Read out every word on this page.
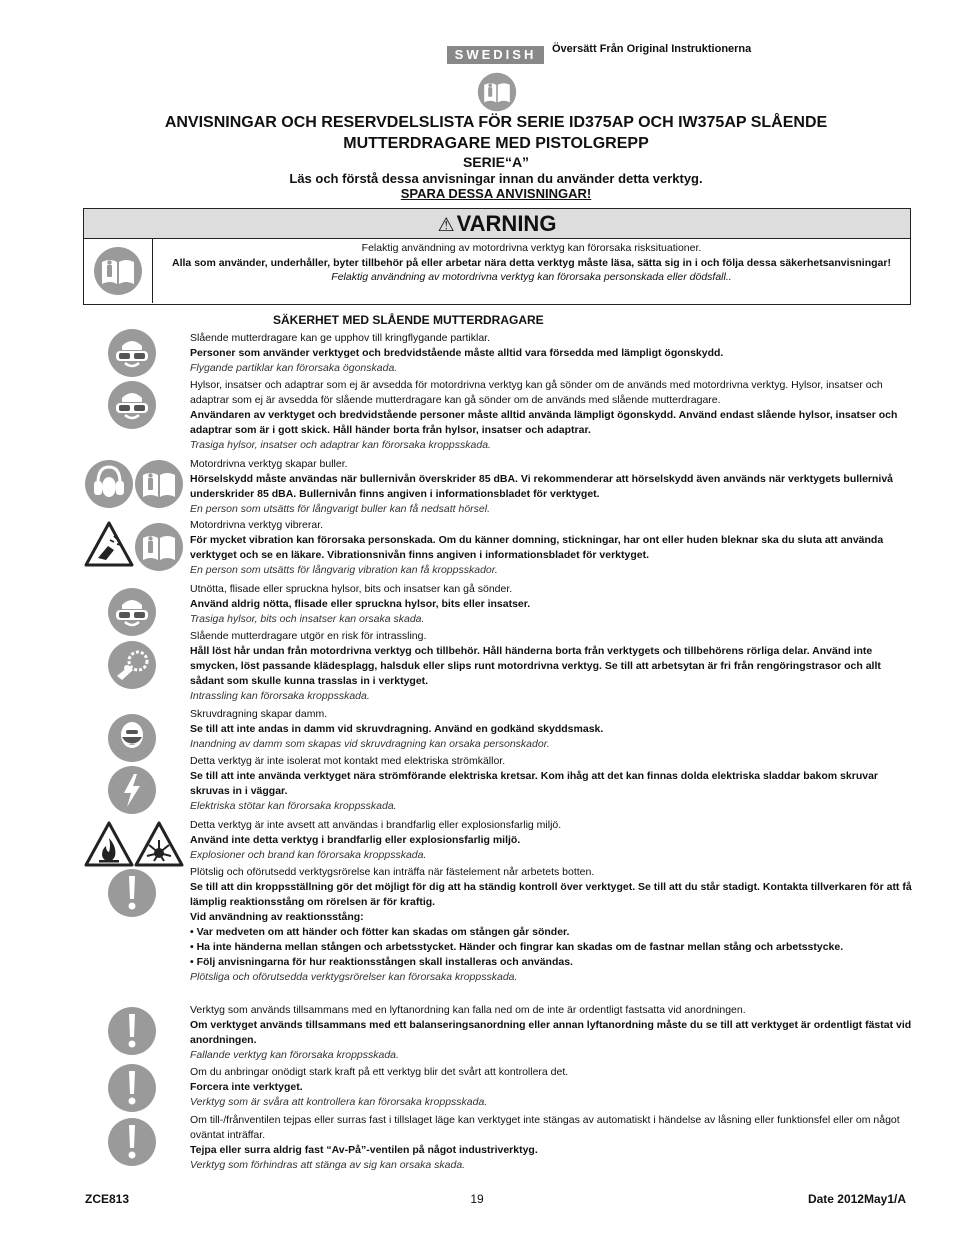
SWEDISH	Översätt Från Original Instruktionerna
ANVISNINGAR OCH RESERVDELSLISTA FÖR SERIE ID375AP OCH IW375AP SLÅENDE
MUTTERDRAGARE MED PISTOLGREPP
SERIE“A”
Läs och förstå dessa anvisningar innan du använder detta verktyg.
SPARA DESSA ANVISNINGAR!
⚠VARNING
Felaktig användning av motordrivna verktyg kan förorsaka risksituationer.
Alla som använder, underhåller, byter tillbehör på eller arbetar nära detta verktyg måste läsa, sätta sig in i och följa dessa säkerhetsanvisningar!
Felaktig användning av motordrivna verktyg kan förorsaka personskada eller dödsfall..
SÄKERHET MED SLÅENDE MUTTERDRAGARE
Slående mutterdragare kan ge upphov till kringflygande partiklar.
Personer som använder verktyget och bredvidstående måste alltid vara försedda med lämpligt ögonskydd.
Flygande partiklar kan förorsaka ögonskada.
Hylsor, insatser och adaptrar som ej är avsedda för motordrivna verktyg kan gå sönder om de används med motordrivna verktyg. Hylsor, insatser och adaptrar som ej är avsedda för slående mutterdragare kan gå sönder om de används med slående mutterdragare.
Användaren av verktyget och bredvidstående personer måste alltid använda lämpligt ögonskydd. Använd endast slående hylsor, insatser och adaptrar som är i gott skick. Håll händer borta från hylsor, insatser och adaptrar.
Trasiga hylsor, insatser och adaptrar kan förorsaka kroppsskada.
Motordrivna verktyg skapar buller.
Hörselskydd måste användas när bullernivån överskrider 85 dBA. Vi rekommenderar att hörselskydd även används när verktygets bullernivå underskrider 85 dBA. Bullernivån finns angiven i informationsbladet för verktyget.
En person som utsätts för långvarigt buller kan få nedsatt hörsel.
Motordrivna verktyg vibrerar.
För mycket vibration kan förorsaka personskada. Om du känner domning, stickningar, har ont eller huden bleknar ska du sluta att använda verktyget och se en läkare. Vibrationsnivån finns angiven i informationsbladet för verktyget.
En person som utsätts för långvarig vibration kan få kroppsskador.
Utnötta, flisade eller spruckna hylsor, bits och insatser kan gå sönder.
Använd aldrig nötta, flisade eller spruckna hylsor, bits eller insatser.
Trasiga hylsor, bits och insatser kan orsaka skada.
Slående mutterdragare utgör en risk för intrassling.
Håll löst hår undan från motordrivna verktyg och tillbehör. Håll händerna borta från verktygets och tillbehörens rörliga delar. Använd inte smycken, löst passande klädesplagg, halsduk eller slips runt motordrivna verktyg. Se till att arbetsytan är fri från rengöringstrasor och allt sådant som skulle kunna trasslas in i verktyget.
Intrassling kan förorsaka kroppsskada.
Skruvdragning skapar damm.
Se till att inte andas in damm vid skruvdragning. Använd en godkänd skyddsmask.
Inandning av damm som skapas vid skruvdragning kan orsaka personskador.
Detta verktyg är inte isolerat mot kontakt med elektriska strömkällor.
Se till att inte använda verktyget nära strömförande elektriska kretsar. Kom ihåg att det kan finnas dolda elektriska sladdar bakom skruvar skruvas in i väggar.
Elektriska stötar kan förorsaka kroppsskada.
Detta verktyg är inte avsett att användas i brandfarlig eller explosionsfarlig miljö.
Använd inte detta verktyg i brandfarlig eller explosionsfarlig miljö.
Explosioner och brand kan förorsaka kroppsskada.
Plötslig och oförutsedd verktygsrörelse kan inträffa när fästelement når arbetets botten.
Se till att din kroppsställning gör det möjligt för dig att ha ständig kontroll över verktyget. Se till att du står stadigt. Kontakta tillverkaren för att få lämplig reaktionsstång om rörelsen är för kraftig.
Vid användning av reaktionsstång:
• Var medveten om att händer och fötter kan skadas om stången går sönder.
• Ha inte händerna mellan stången och arbetsstycket. Händer och fingrar kan skadas om de fastnar mellan stång och arbetsstycke.
• Följ anvisningarna för hur reaktionsstången skall installeras och användas.
Plötsliga och oförutsedda verktygsrörelser kan förorsaka kroppsskada.
Verktyg som används tillsammans med en lyftanordning kan falla ned om de inte är ordentligt fastsatta vid anordningen.
Om verktyget används tillsammans med ett balanseringsanordning eller annan lyftanordning måste du se till att verktyget är ordentligt fästat vid anordningen.
Fallande verktyg kan förorsaka kroppsskada.
Om du anbringar onödigt stark kraft på ett verktyg blir det svårt att kontrollera det.
Forcera inte verktyget.
Verktyg som är svåra att kontrollera kan förorsaka kroppsskada.
Om till-/frånventilen tejpas eller surras fast i tillslaget läge kan verktyget inte stängas av automatiskt i händelse av låsning eller funktionsfel eller om något oväntat inträffar.
Tejpa eller surra aldrig fast “Av-På”-ventilen på något industriverktyg.
Verktyg som förhindras att stänga av sig kan orsaka skada.
ZCE813	19	Date 2012May1/A
